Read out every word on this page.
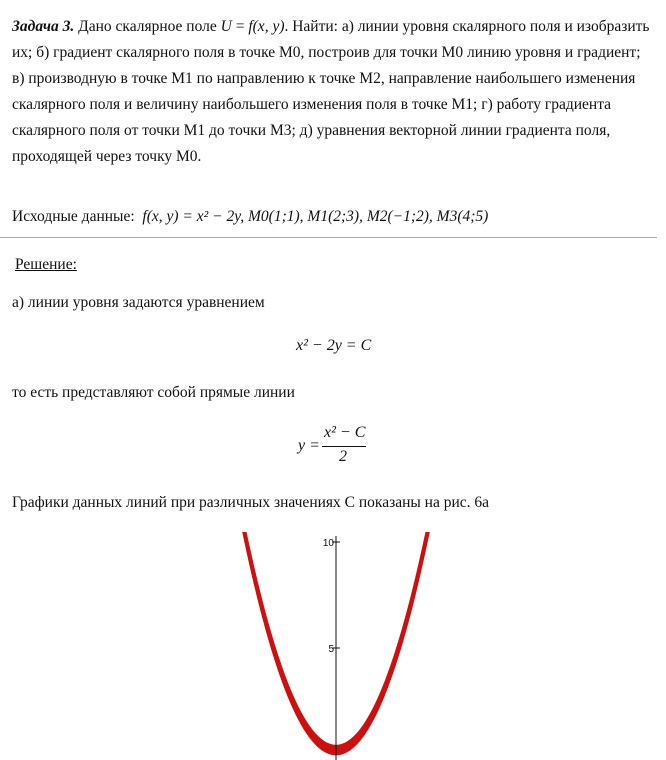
Задача 3. Дано скалярное поле U = f(x, y). Найти: а) линии уровня скалярного поля и изобразить их; б) градиент скалярного поля в точке M0, построив для точки M0 линию уровня и градиент; в) производную в точке M1 по направлению к точке M2, направление наибольшего изменения скалярного поля и величину наибольшего изменения поля в точке M1; г) работу градиента скалярного поля от точки M1 до точки M3; д) уравнения векторной линии градиента поля, проходящей через точку M0.
Исходные данные: f(x, y) = x² − 2y, M0(1;1), M1(2;3), M2(−1;2), M3(4;5)
Решение:
а) линии уровня задаются уравнением
x² − 2y = C
то есть представляют собой прямые линии
y =
x² − C
2
Графики данных линий при различных значениях С показаны на рис. 6а
5
10
